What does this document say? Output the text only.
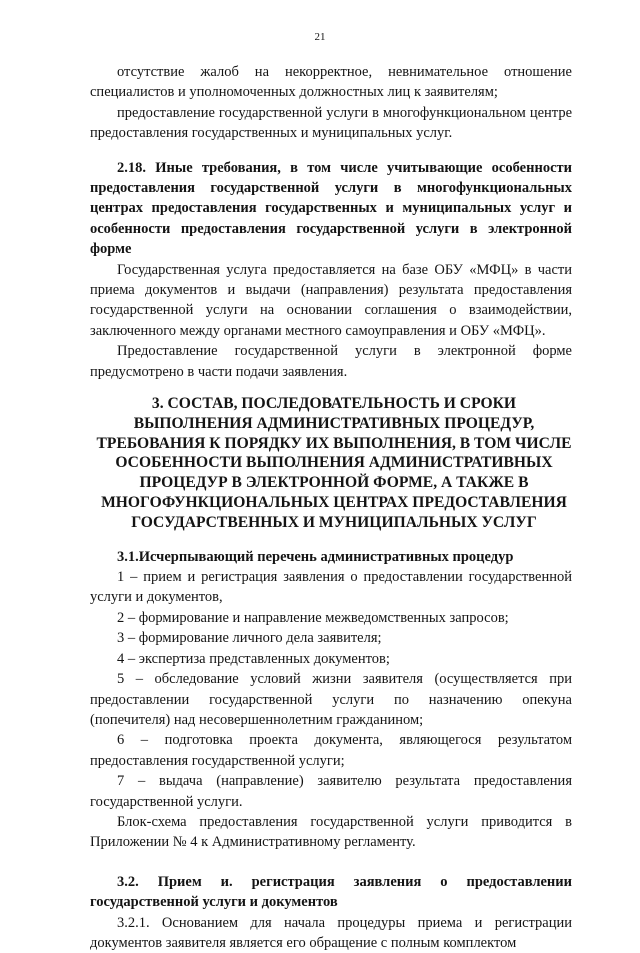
21

отсутствие жалоб на некорректное, невнимательное отношение специалистов и уполномоченных должностных лиц к заявителям;

предоставление государственной услуги в многофункциональном центре предоставления государственных и муниципальных услуг.

2.18. Иные требования, в том числе учитывающие особенности предоставления государственной услуги в многофункциональных центрах предоставления государственных и муниципальных услуг и особенности предоставления государственной услуги в электронной форме

Государственная услуга предоставляется на базе ОБУ «МФЦ» в части приема документов и выдачи (направления) результата предоставления государственной услуги на основании соглашения о взаимодействии, заключенного между органами местного самоуправления и ОБУ «МФЦ».

Предоставление государственной услуги в электронной форме предусмотрено в части подачи заявления.

3. СОСТАВ, ПОСЛЕДОВАТЕЛЬНОСТЬ И СРОКИ
ВЫПОЛНЕНИЯ АДМИНИСТРАТИВНЫХ ПРОЦЕДУР,
ТРЕБОВАНИЯ К ПОРЯДКУ ИХ ВЫПОЛНЕНИЯ, В ТОМ ЧИСЛЕ
ОСОБЕННОСТИ ВЫПОЛНЕНИЯ АДМИНИСТРАТИВНЫХ
ПРОЦЕДУР В ЭЛЕКТРОННОЙ ФОРМЕ, А ТАКЖЕ В
МНОГОФУНКЦИОНАЛЬНЫХ ЦЕНТРАХ ПРЕДОСТАВЛЕНИЯ
ГОСУДАРСТВЕННЫХ И МУНИЦИПАЛЬНЫХ УСЛУГ

3.1.Исчерпывающий перечень административных процедур

1 – прием и регистрация заявления о предоставлении государственной услуги и документов,

2 – формирование и направление межведомственных запросов;

3 – формирование личного дела заявителя;

4 – экспертиза представленных документов;

5 – обследование условий жизни заявителя (осуществляется при предоставлении государственной услуги по назначению опекуна (попечителя) над несовершеннолетним гражданином;

6 – подготовка проекта документа, являющегося результатом предоставления государственной услуги;

7 – выдача (направление) заявителю результата предоставления государственной услуги.

Блок-схема предоставления государственной услуги приводится в Приложении № 4 к Административному регламенту.

3.2. Прием и. регистрация заявления о предоставлении государственной услуги и документов

3.2.1. Основанием для начала процедуры приема и регистрации документов заявителя является его обращение с полным комплектом
